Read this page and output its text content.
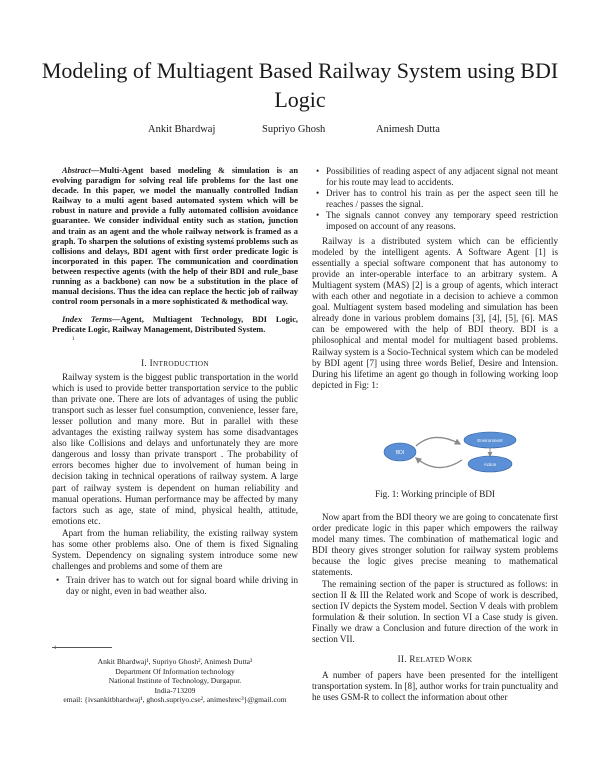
Modeling of Multiagent Based Railway System using BDI Logic
Ankit Bhardwaj	Supriyo Ghosh	Animesh Dutta

Abstract—Multi-Agent based modeling & simulation is an evolving paradigm for solving real life problems for the last one decade. In this paper, we model the manually controlled Indian Railway to a multi agent based automated system which will be robust in nature and provide a fully automated collision avoidance guarantee. We consider individual entity such as station, junction and train as an agent and the whole railway network is framed as a graph. To sharpen the solutions of existing systemś problems such as collisions and delays, BDI agent with first order predicate logic is incorporated in this paper. The communication and coordination between respective agents (with the help of their BDI and rule_base running as a backbone) can now be a substitution in the place of manual decisions. Thus the idea can replace the hectic job of railway control room personals in a more sophisticated & methodical way.

Index Terms—Agent, Multiagent Technology, BDI Logic, Predicate Logic, Railway Management, Distributed System.

1
I. INTRODUCTION

Railway system is the biggest public transportation in the world which is used to provide better transportation service to the public than private one. There are lots of advantages of using the public transport such as lesser fuel consumption, convenience, lesser fare, lesser pollution and many more. But in parallel with these advantages the existing railway system has some disadvantages also like Collisions and delays and unfortunately they are more dangerous and lossy than private transport . The probability of errors becomes higher due to involvement of human being in decision taking in technical operations of railway system. A large part of railway system is dependent on human reliability and manual operations. Human performance may be affected by many factors such as age, state of mind, physical health, attitude, emotions etc.

Apart from the human reliability, the existing railway system has some other problems also. One of them is fixed Signaling System. Dependency on signaling system introduce some new challenges and problems and some of them are

• Train driver has to watch out for signal board while driving in day or night, even in bad weather also.
1
Ankit Bhardwaj¹, Supriyo Ghosh², Animesh Dutta³
Department Of Information technology
National Institute of Technology, Durgapur.
India-713209
email: {ivsankitbhardwaj¹, ghosh.supriyo.cse², animeshrec³}@gmail.com
• Possibilities of reading aspect of any adjacent signal not meant for his route may lead to accidents.
• Driver has to control his train as per the aspect seen till he reaches / passes the signal.
• The signals cannot convey any temporary speed restriction imposed on account of any reasons.

Railway is a distributed system which can be efficiently modeled by the intelligent agents. A Software Agent [1] is essentially a special software component that has autonomy to provide an inter-operable interface to an arbitrary system. A Multiagent system (MAS) [2] is a group of agents, which interact with each other and negotiate in a decision to achieve a common goal. Multiagent system based modeling and simulation has been already done in various problem domains [3], [4], [5], [6]. MAS can be empowered with the help of BDI theory. BDI is a philosophical and mental model for multiagent based problems. Railway system is a Socio-Technical system which can be modeled by BDI agent [7] using three words Belief, Desire and Intension. During his lifetime an agent go though in following working loop depicted in Fig: 1:

BDI
Environment
Action

Fig. 1: Working principle of BDI

Now apart from the BDI theory we are going to concatenate first order predicate logic in this paper which empowers the railway model many times. The combination of mathematical logic and BDI theory gives stronger solution for railway system problems because the logic gives precise meaning to mathematical statements.

The remaining section of the paper is structured as follows: in section II & III the Related work and Scope of work is described, section IV depicts the System model. Section V deals with problem formulation & their solution. In section VI a Case study is given. Finally we draw a Conclusion and future direction of the work in section VII.

II. RELATED WORK

A number of papers have been presented for the intelligent transportation system. In [8], author works for train punctuality and he uses GSM-R to collect the information about other
